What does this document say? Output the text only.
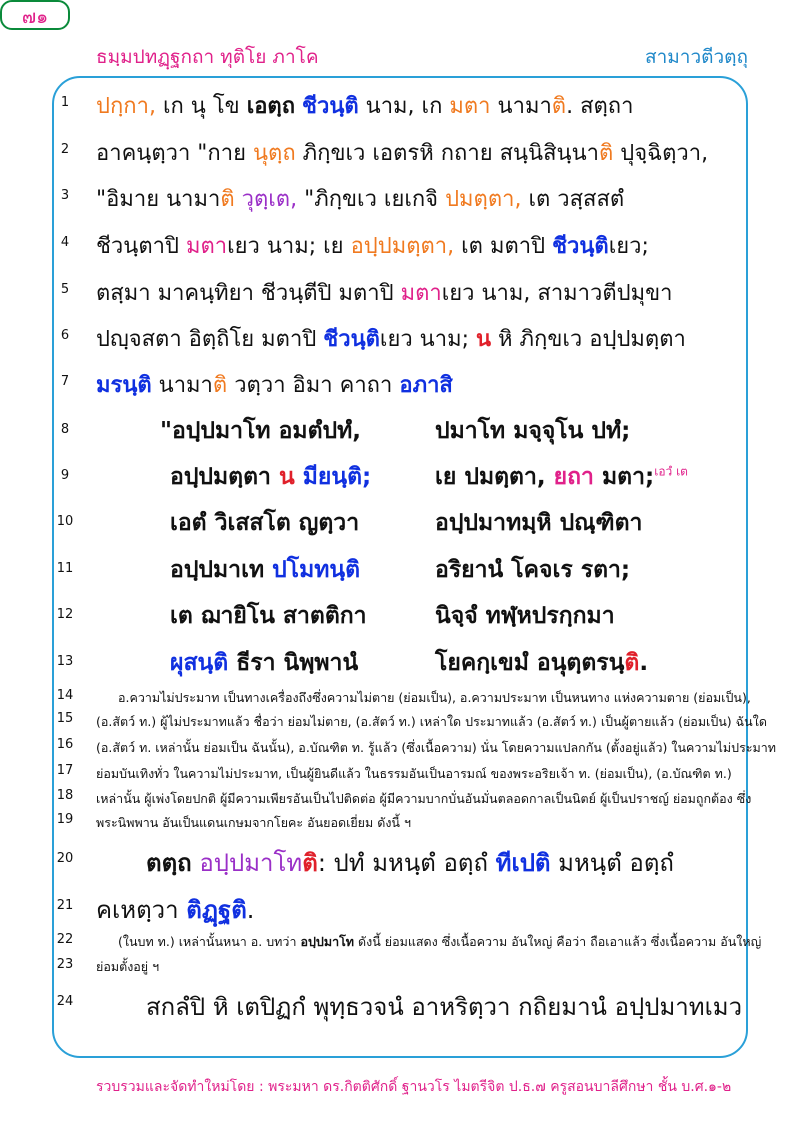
ธมฺมปทฏฺฐกถา ทุติโย ภาโค
๗๑
สามาวตีวตฺถุ
1
2
3
4
5
6
7
8
9
10
11
12
13
14
15
16
17
18
19
20
21
22
23
24
ปกฺกา, เก นุ โข เอตฺถ ชีวนฺติ นาม, เก มตา นามาติ. สตฺถา
อาคนฺตฺวา "กาย นุตฺถ ภิกฺขเว เอตรหิ กถาย สนฺนิสินฺนาติ ปุจฺฉิตฺวา,
"อิมาย นามาติ วุตฺเต, "ภิกฺขเว เยเกจิ ปมตฺตา, เต วสฺสสตํ
ชีวนฺตาปิ มตาเยว นาม; เย อปฺปมตฺตา, เต มตาปิ ชีวนฺติเยว;
ตสฺมา มาคนฺทิยา ชีวนฺตีปิ มตาปิ มตาเยว นาม, สามาวตีปมุขา
ปญฺจสตา อิตฺถิโย มตาปิ ชีวนฺติเยว นาม; น หิ ภิกฺขเว อปฺปมตฺตา
มรนฺติ นามาติ วตฺวา อิมา คาถา อภาสิ
"อปฺปมาโท อมตํปทํ,	ปมาโท มจฺจุโน ปทํ;
อปฺปมตฺตา น มียนฺติ;	เย ปมตฺตา, ยถา มตา;$^{เอวํ เต}$
เอตํ วิเสสโต ญตฺวา	อปฺปมาทมฺหิ ปณฺฑิตา
อปฺปมาเท ปโมทนฺติ	อริยานํ โคจเร รตา;
เต ฌายิโน สาตติกา	นิจฺจํ ทฬฺหปรกฺกมา
ผุสนฺติ ธีรา นิพฺพานํ	โยคกฺเขมํ อนุตฺตรนฺติ.
อ.ความไม่ประมาท เป็นทางเครื่องถึงซึ่งความไม่ตาย (ย่อมเป็น), อ.ความประมาท เป็นหนทาง แห่งความตาย (ย่อมเป็น),
(อ.สัตว์ ท.) ผู้ไม่ประมาทแล้ว ชื่อว่า ย่อมไม่ตาย, (อ.สัตว์ ท.) เหล่าใด ประมาทแล้ว (อ.สัตว์ ท.) เป็นผู้ตายแล้ว (ย่อมเป็น) ฉันใด
(อ.สัตว์ ท. เหล่านั้น ย่อมเป็น ฉันนั้น), อ.บัณฑิต ท. รู้แล้ว (ซึ่งเนื้อความ) นั่น โดยความแปลกกัน (ตั้งอยู่แล้ว) ในความไม่ประมาท
ย่อมบันเทิงทั่ว ในความไม่ประมาท, เป็นผู้ยินดีแล้ว ในธรรมอันเป็นอารมณ์ ของพระอริยเจ้า ท. (ย่อมเป็น), (อ.บัณฑิต ท.)
เหล่านั้น ผู้เพ่งโดยปกติ ผู้มีความเพียรอันเป็นไปติดต่อ ผู้มีความบากบั่นอันมั่นตลอดกาลเป็นนิตย์ ผู้เป็นปราชญ์ ย่อมถูกต้อง ซึ่ง
พระนิพพาน อันเป็นแดนเกษมจากโยคะ อันยอดเยี่ยม ดังนี้ ฯ
ตตฺถ อปฺปมาโทติ: ปทํ มหนฺตํ อตฺถํ ทีเปติ มหนฺตํ อตฺถํ
คเหตฺวา ติฏฺฐติ.
(ในบท ท.) เหล่านั้นหนา อ. บทว่า อปฺปมาโท ดังนี้ ย่อมแสดง ซึ่งเนื้อความ อันใหญ่ คือว่า ถือเอาแล้ว ซึ่งเนื้อความ อันใหญ่
ย่อมตั้งอยู่ ฯ
สกลํปิ หิ เตปิฏกํ พุทฺธวจนํ อาหริตฺวา กถิยมานํ อปฺปมาทเมว
รวบรวมและจัดทำใหม่โดย : พระมหา ดร.กิตติศักดิ์ ฐานวโร ไมตรีจิต ป.ธ.๗ ครูสอนบาลีศึกษา ชั้น บ.ศ.๑-๒
